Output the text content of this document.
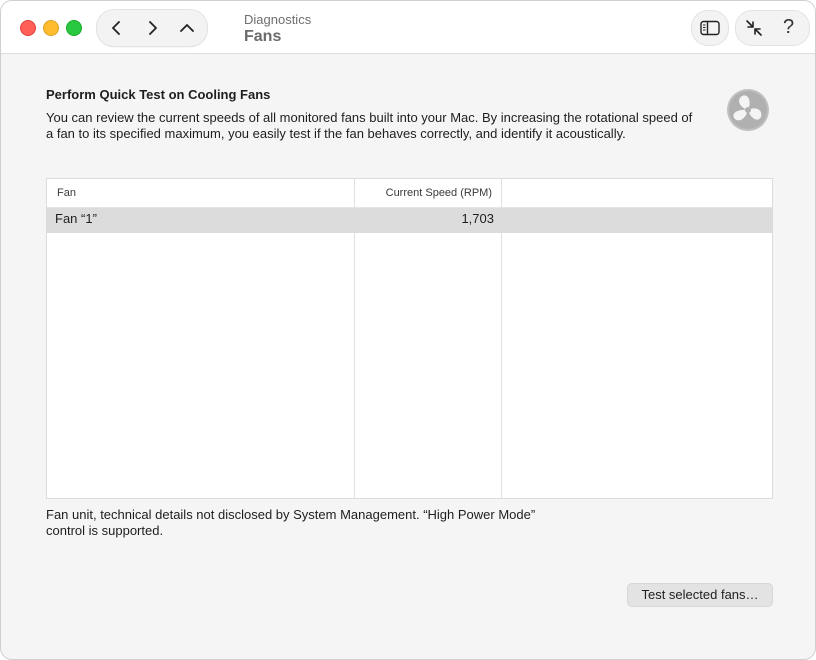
Diagnostics
Fans	?
Perform Quick Test on Cooling Fans
You can review the current speeds of all monitored fans built into your Mac. By increasing the rotational speed of a fan to its specified maximum, you easily test if the fan behaves correctly, and identify it acoustically.
Fan	Current Speed (RPM)
Fan “1”	1,703
Fan unit, technical details not disclosed by System Management. “High Power Mode” control is supported.
Test selected fans…
